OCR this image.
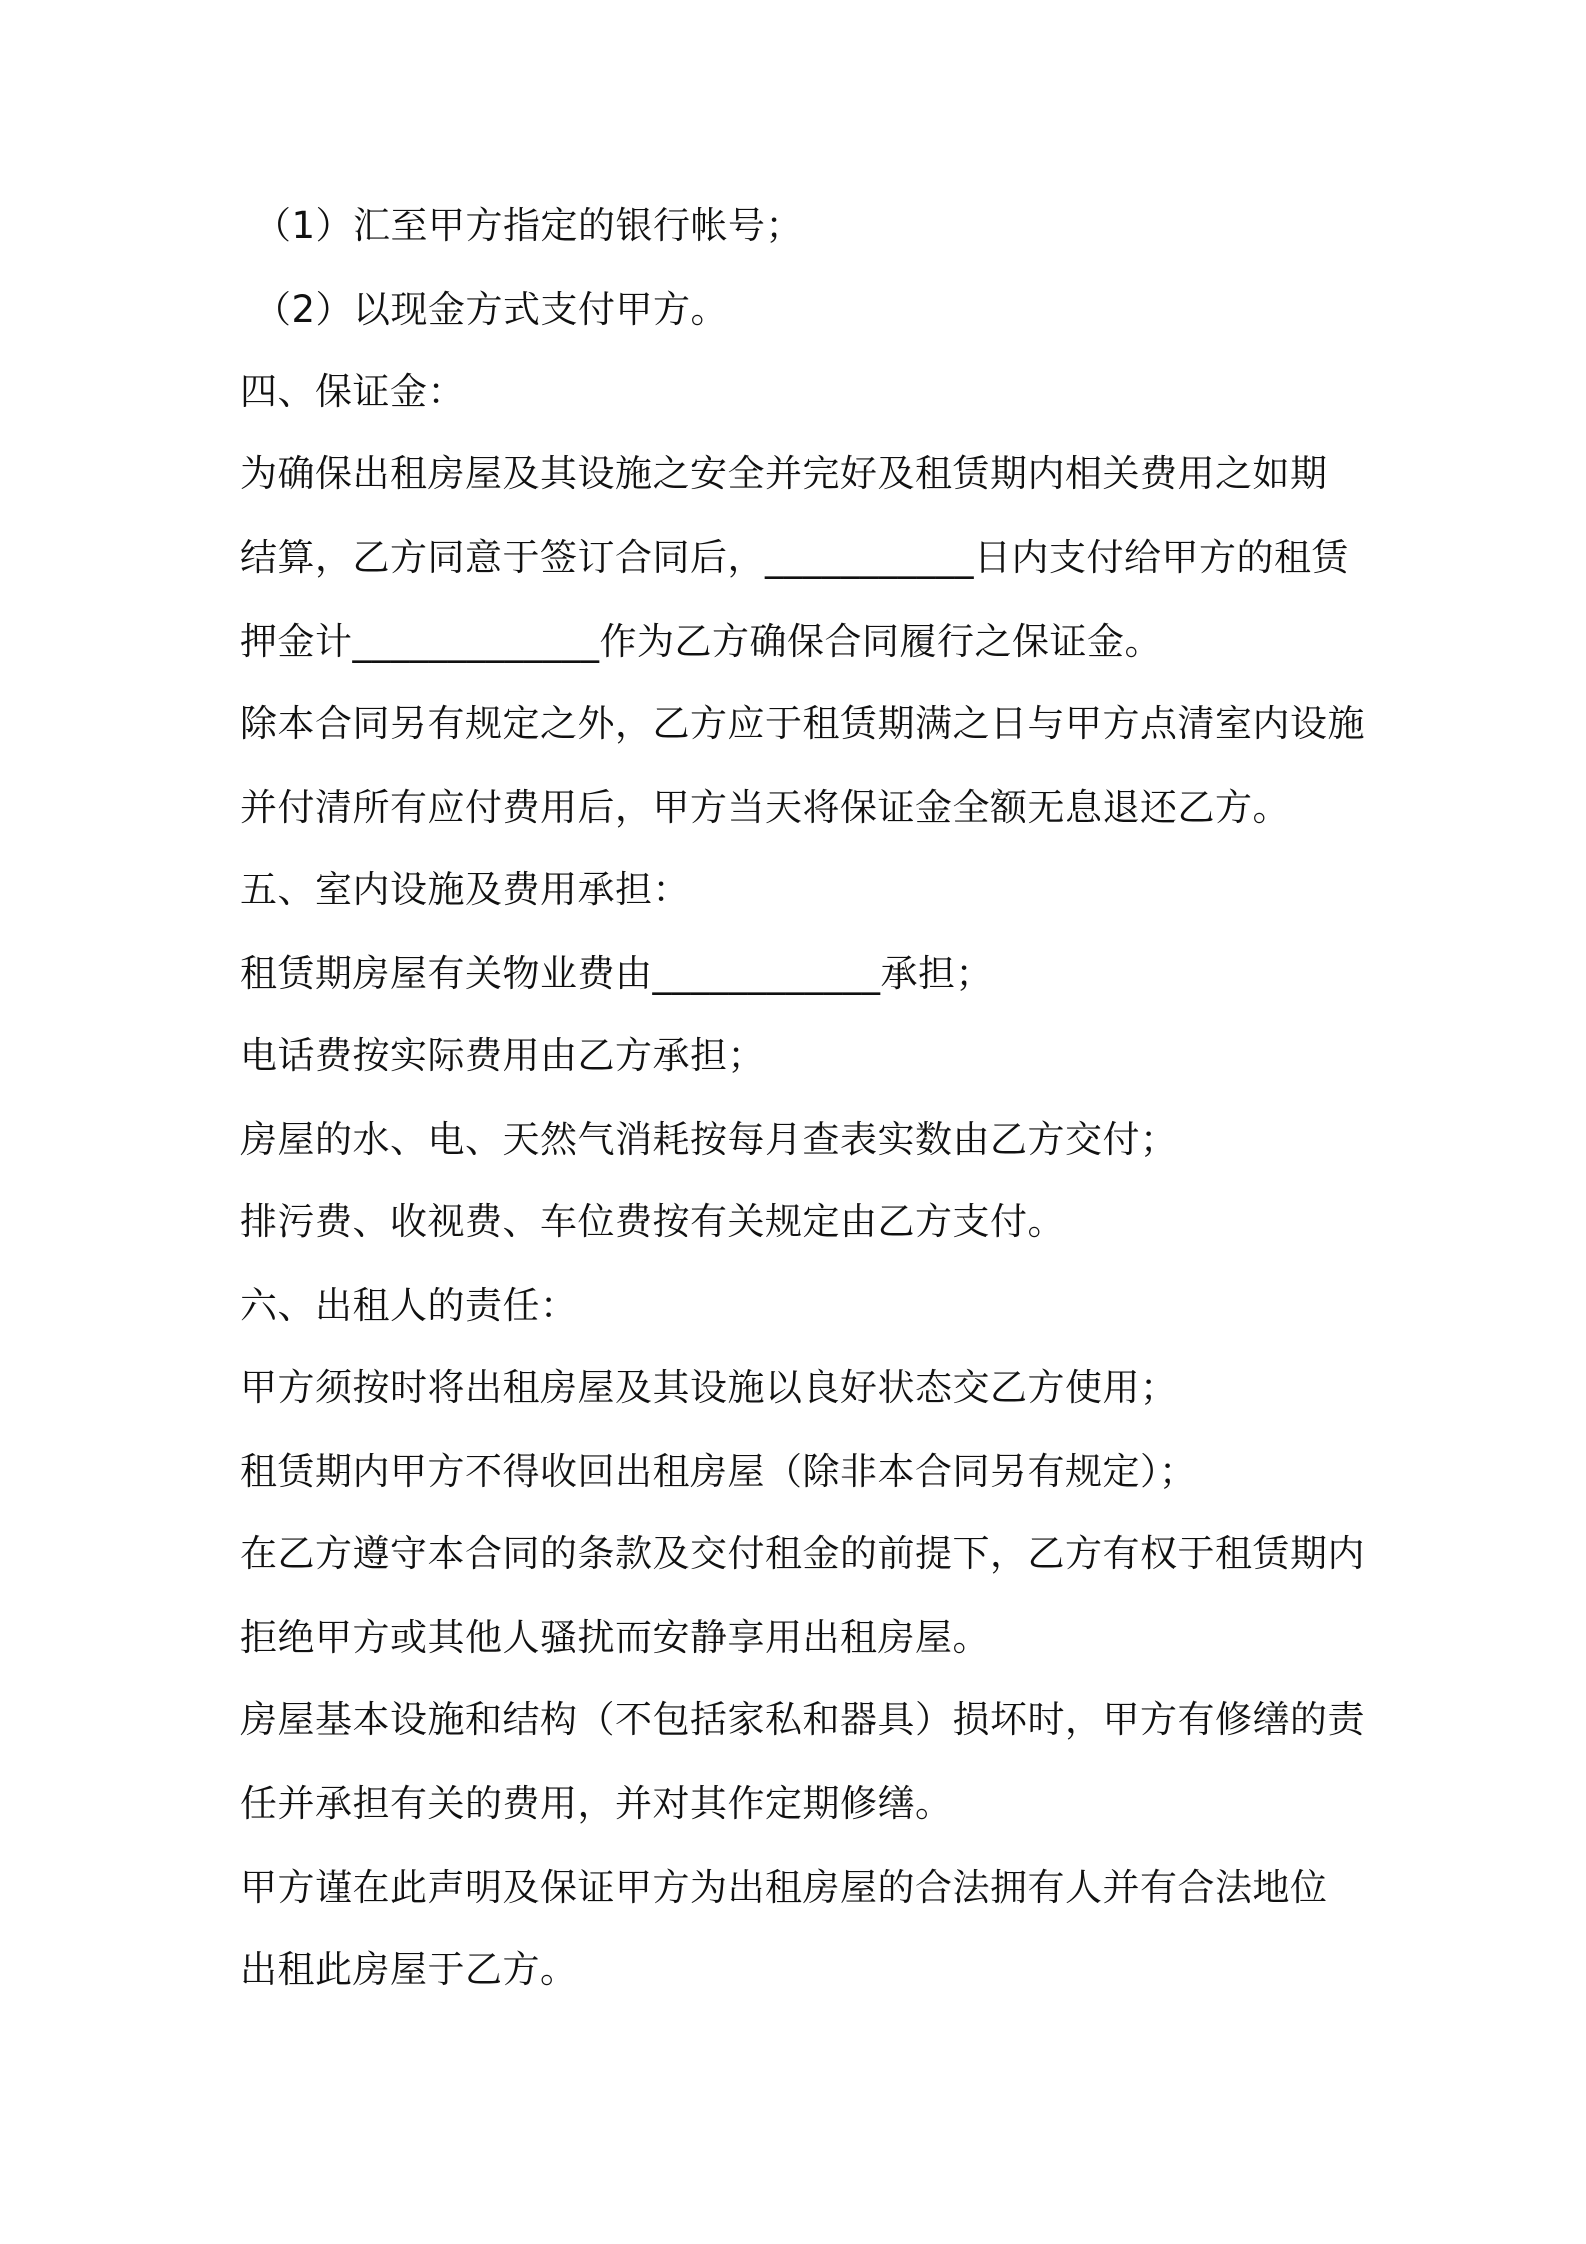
（1）汇至甲方指定的银行帐号；
（2）以现金方式支付甲方。
四、保证金：
为确保出租房屋及其设施之安全并完好及租赁期内相关费用之如期
结算，乙方同意于签订合同后，___________日内支付给甲方的租赁
押金计_____________作为乙方确保合同履行之保证金。
除本合同另有规定之外，乙方应于租赁期满之日与甲方点清室内设施
并付清所有应付费用后，甲方当天将保证金全额无息退还乙方。
五、室内设施及费用承担：
租赁期房屋有关物业费由____________承担；
电话费按实际费用由乙方承担；
房屋的水、电、天然气消耗按每月查表实数由乙方交付；
排污费、收视费、车位费按有关规定由乙方支付。
六、出租人的责任：
甲方须按时将出租房屋及其设施以良好状态交乙方使用；
租赁期内甲方不得收回出租房屋（除非本合同另有规定）；
在乙方遵守本合同的条款及交付租金的前提下，乙方有权于租赁期内
拒绝甲方或其他人骚扰而安静享用出租房屋。
房屋基本设施和结构（不包括家私和器具）损坏时，甲方有修缮的责
任并承担有关的费用，并对其作定期修缮。
甲方谨在此声明及保证甲方为出租房屋的合法拥有人并有合法地位
出租此房屋于乙方。
